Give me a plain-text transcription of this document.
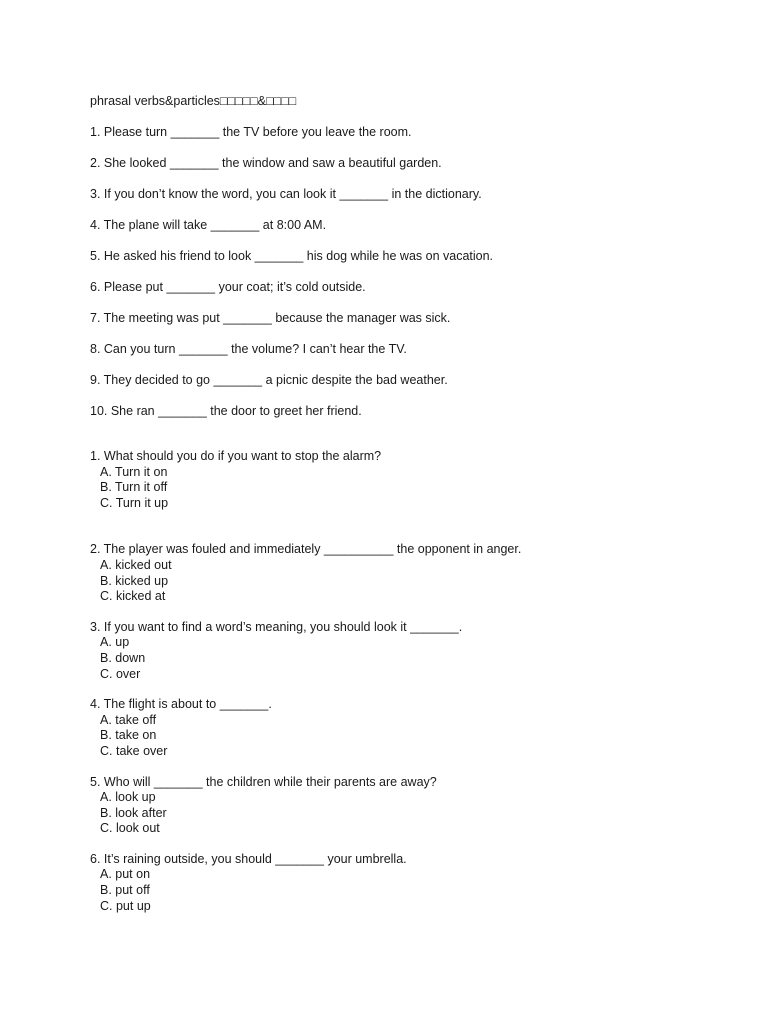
phrasal verbs&particles□□□□□&□□□□
1. Please turn _______ the TV before you leave the room.
2. She looked _______ the window and saw a beautiful garden.
3. If you don’t know the word, you can look it _______ in the dictionary.
4. The plane will take _______ at 8:00 AM.
5. He asked his friend to look _______ his dog while he was on vacation.
6. Please put _______ your coat; it’s cold outside.
7. The meeting was put _______ because the manager was sick.
8. Can you turn _______ the volume? I can’t hear the TV.
9. They decided to go _______ a picnic despite the bad weather.
10. She ran _______ the door to greet her friend.
1. What should you do if you want to stop the alarm?
A. Turn it on
B. Turn it off
C. Turn it up
2. The player was fouled and immediately __________ the opponent in anger.
A. kicked out
B. kicked up
C. kicked at
3. If you want to find a word’s meaning, you should look it _______.
A. up
B. down
C. over
4. The flight is about to _______.
A. take off
B. take on
C. take over
5. Who will _______ the children while their parents are away?
A. look up
B. look after
C. look out
6. It’s raining outside, you should _______ your umbrella.
A. put on
B. put off
C. put up
